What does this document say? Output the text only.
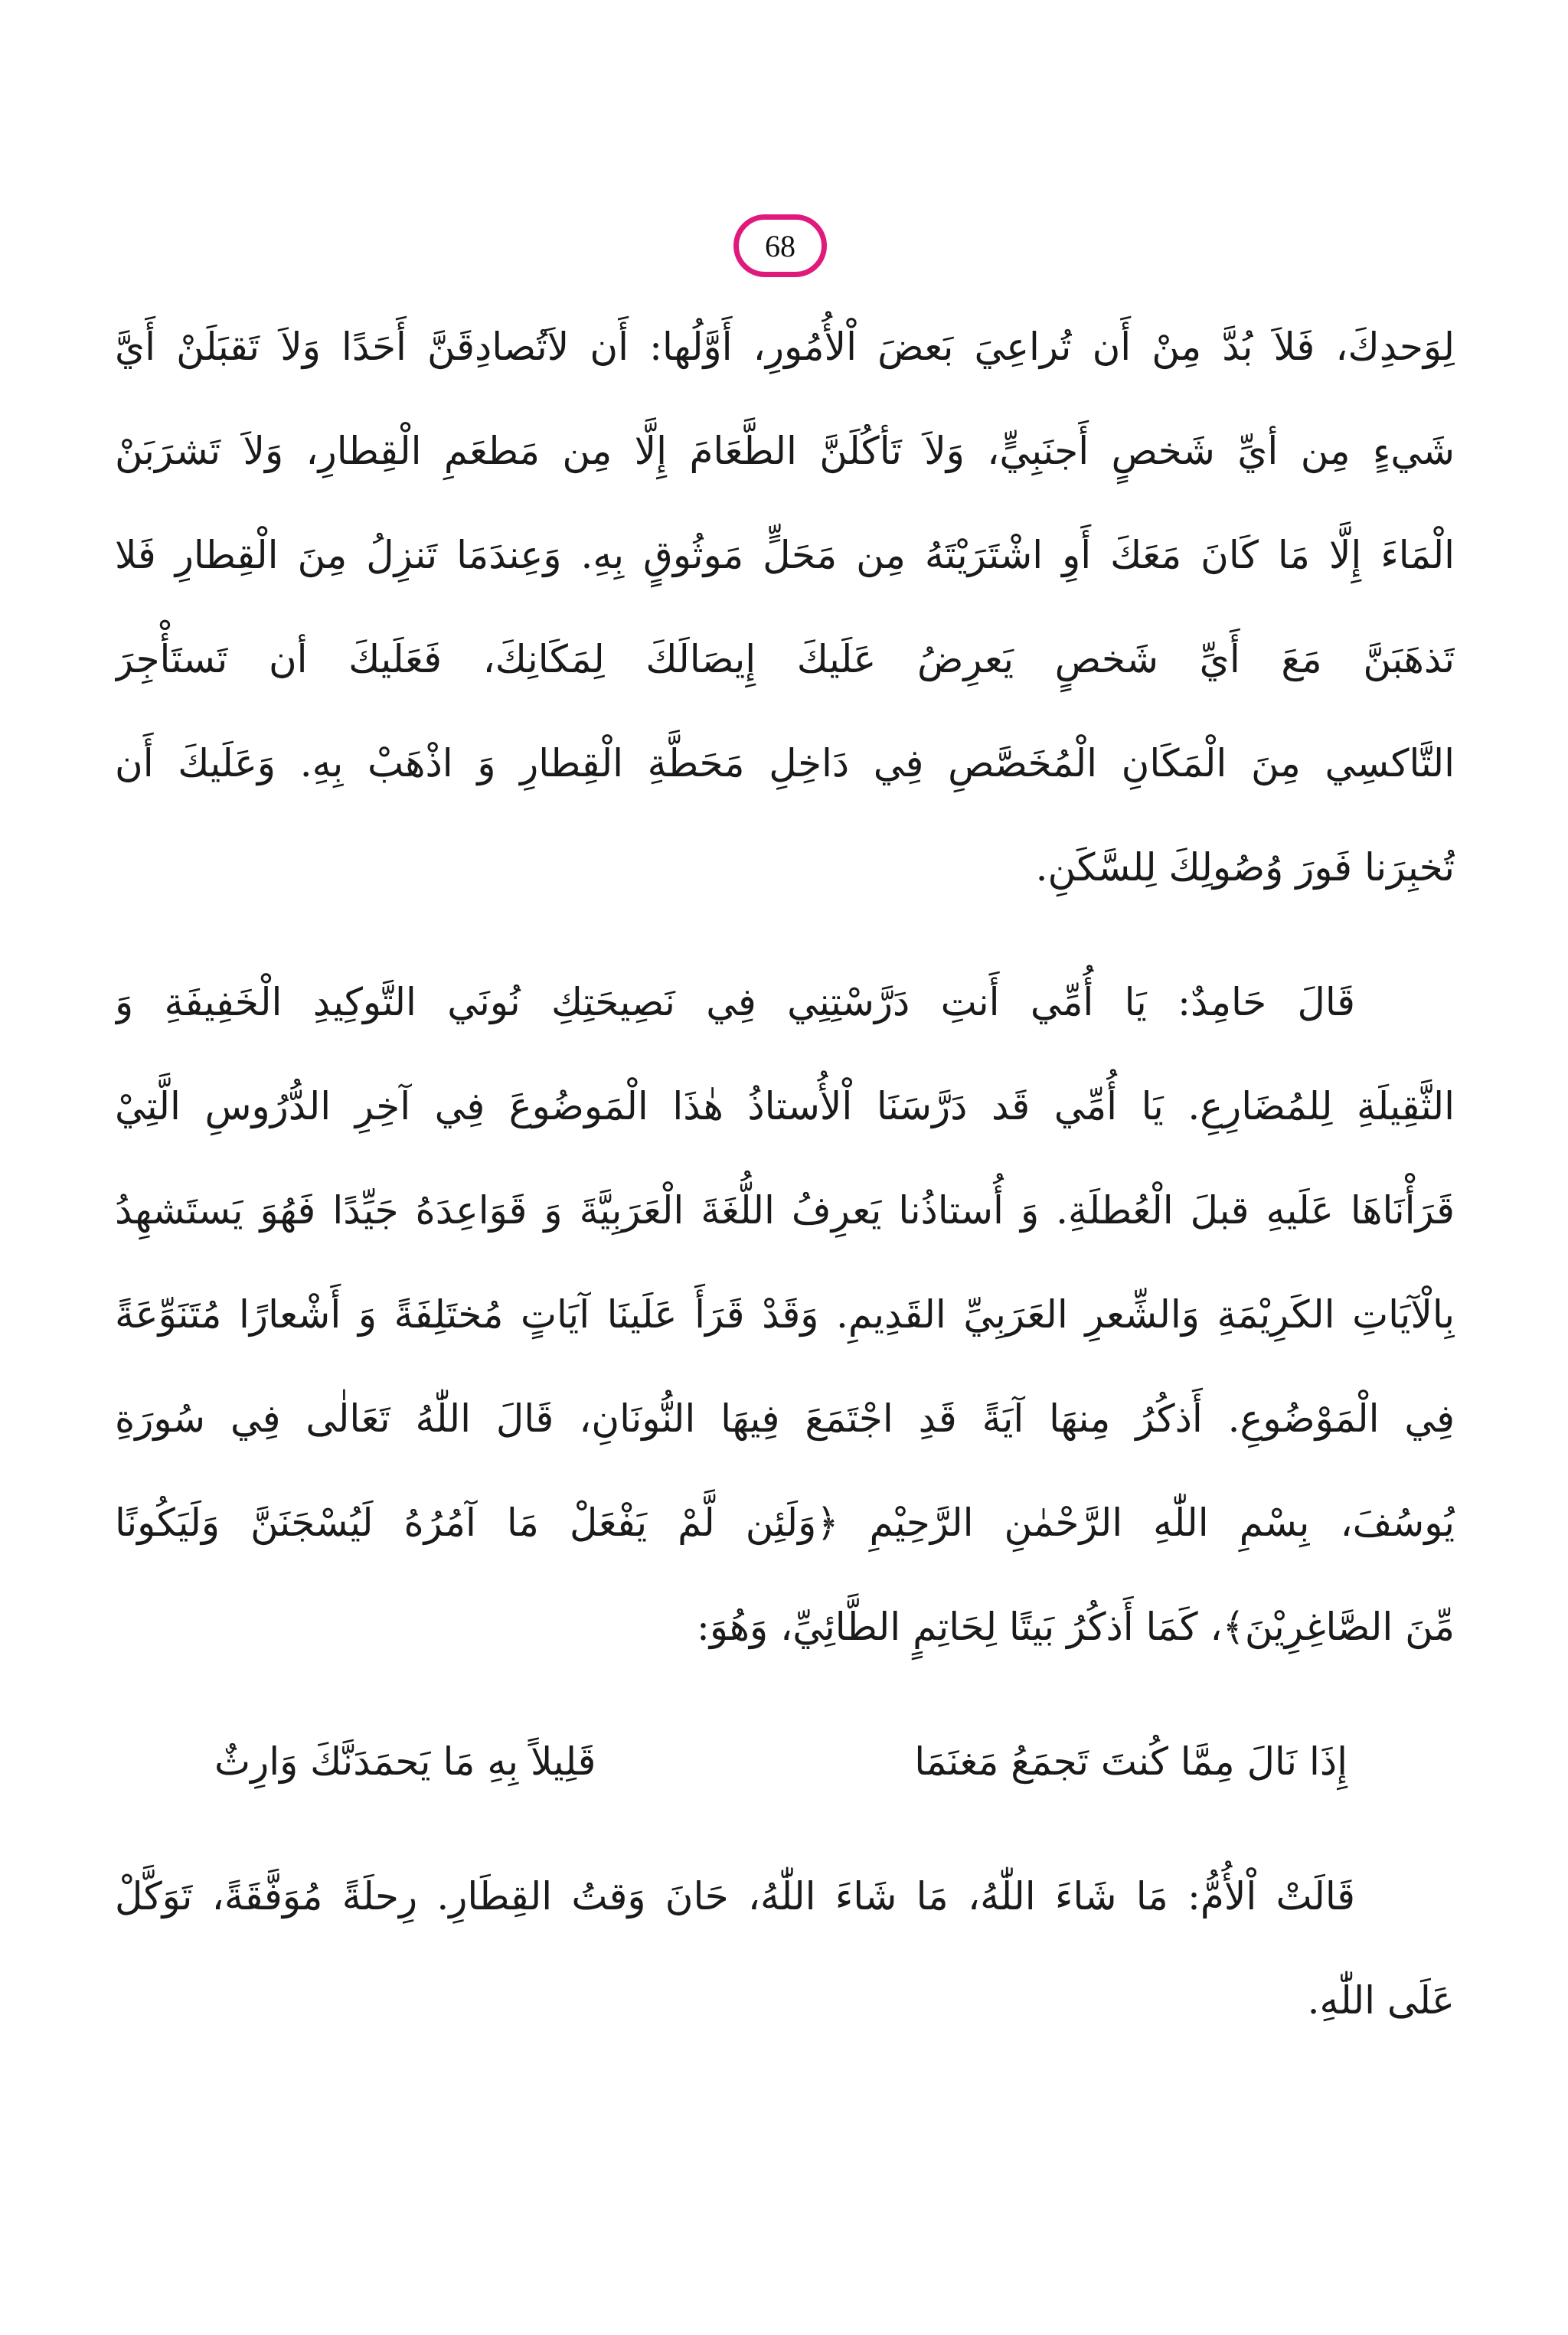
68
لِوَحدِكَ، فَلاَ بُدَّ مِنْ أَن تُراعِيَ بَعضَ اْلأُمُورِ، أَوَّلُها: أَن لاَتُصادِقَنَّ أَحَدًا وَلاَ تَقبَلَنْ أَيَّ
شَيءٍ مِن أيِّ شَخصٍ أَجنَبِيٍّ، وَلاَ تَأكُلَنَّ الطَّعَامَ إِلَّا مِن مَطعَمِ الْقِطارِ، وَلاَ تَشرَبَنْ
الْمَاءَ إِلَّا مَا كَانَ مَعَكَ أَوِ اشْتَرَيْتَهُ مِن مَحَلٍّ مَوثُوقٍ بِهِ. وَعِندَمَا تَنزِلُ مِنَ الْقِطارِ فَلا
تَذهَبَنَّ مَعَ أَيِّ شَخصٍ يَعرِضُ عَلَيكَ إِيصَالَكَ لِمَكَانِكَ، فَعَلَيكَ أن تَستَأْجِرَ
التَّاكسِي مِنَ الْمَكَانِ الْمُخَصَّصِ فِي دَاخِلِ مَحَطَّةِ الْقِطارِ وَ اذْهَبْ بِهِ. وَعَلَيكَ أَن
تُخبِرَنا فَورَ وُصُولِكَ لِلسَّكَنِ.
قَالَ حَامِدٌ: يَا أُمِّي أَنتِ دَرَّسْتِنِي فِي نَصِيحَتِكِ نُونَي التَّوكِيدِ الْخَفِيفَةِ وَ
الثَّقِيلَةِ لِلمُضَارِعِ. يَا أُمِّي قَد دَرَّسَنَا اْلأُستاذُ هٰذَا الْمَوضُوعَ فِي آخِرِ الدُّرُوسِ الَّتِيْ
قَرَأْنَاهَا عَلَيهِ قبلَ الْعُطلَةِ. وَ أُستاذُنا يَعرِفُ اللُّغَةَ الْعَرَبِيَّةَ وَ قَوَاعِدَهُ جَيِّدًا فَهُوَ يَستَشهِدُ
بِالْآيَاتِ الكَرِيْمَةِ وَالشِّعرِ العَرَبِيِّ القَدِيمِ. وَقَدْ قَرَأَ عَلَينَا آيَاتٍ مُختَلِفَةً وَ أَشْعارًا مُتَنَوِّعَةً
فِي الْمَوْضُوعِ. أَذكُرُ مِنهَا آيَةً قَدِ اجْتَمَعَ فِيهَا النُّونَانِ، قَالَ اللّٰهُ تَعَالٰى فِي سُورَةِ
يُوسُفَ، بِسْمِ اللّٰهِ الرَّحْمٰنِ الرَّحِيْمِ ﴿وَلَئِن لَّمْ يَفْعَلْ مَا آمُرُهُ لَيُسْجَنَنَّ وَلَيَكُونًا
مِّنَ الصَّاغِرِيْنَ﴾، كَمَا أَذكُرُ بَيتًا لِحَاتِمٍ الطَّائِيِّ، وَهُوَ:
إِذَا نَالَ مِمَّا كُنتَ تَجمَعُ مَغنَمَا
قَلِيلاً بِهِ مَا يَحمَدَنَّكَ وَارِثٌ
قَالَتْ اْلأُمُّ: مَا شَاءَ اللّٰهُ، مَا شَاءَ اللّٰهُ، حَانَ وَقتُ القِطَارِ. رِحلَةً مُوَفَّقَةً، تَوَكَّلْ
عَلَى اللّٰهِ.
